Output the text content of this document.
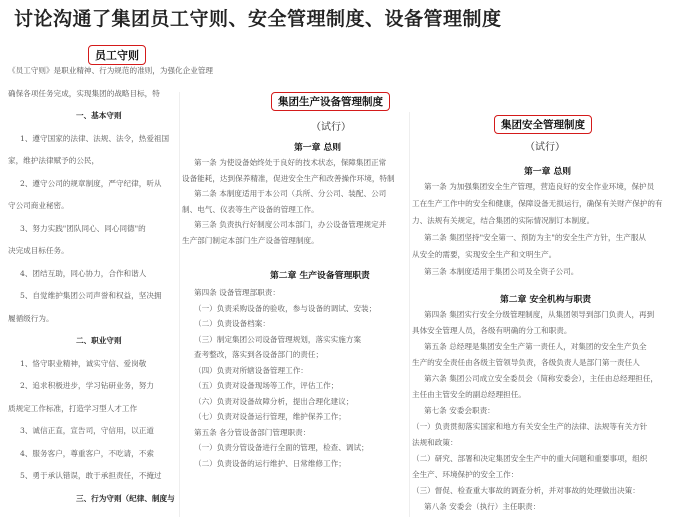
讨论沟通了集团员工守则、安全管理制度、设备管理制度
《员工守则》是职业精神、行为规范的准则，为强化企业管理
确保各项任务完成，实现集团的战略目标，特
一、基本守则
1、遵守国家的法律、法规、法令，热爱祖国
家，维护法律赋予的公民，
2、遵守公司的规章制度，严守纪律，听从
守公司商业秘密。
3、努力实践"团队同心、同心同德"的
决完成目标任务。
4、团结互助，同心协力，合作和谐人
5、自觉维护集团公司声誉和权益，坚决拥
履循级行为。
二、职业守则
1、恪守职业精神，诚实守信、爱岗敬
2、追求积极进步，学习钻研业务，努力
质规定工作标准，打造学习型人才工作
3、诚信正直，宣告司，守信用，以正道
4、服务客户，尊重客户，不吃请，不索
5、勇于承认错误，敢于承担责任，不掩过
三、行为守则（纪律、制度与
员工守则
（试行）
第一章 总则
第一条 为使设备始终处于良好的技术状态，保障集团正常
设备能耗，达到保养精准，促进安全生产和改善操作环境，特制
第二条 本制度适用于本公司（兵所、分公司、装配、公司
制、电气、仪表等生产设备的管理工作。
第三条 负责执行好制度公司本部门，办公设备管理规定并
生产部门制定本部门生产设备管理制度。
第二章 生产设备管理职责
第四条 设备管理部职责：
（一）负责采购设备的验收，参与设备的调试、安装；
（二）负责设备档案：
（三）制定集团公司设备管理规划，落实实施方案
查考整改，落实到各设备部门的责任；
（四）负责对所辖设备管理工作：
（五）负责对设备现场等工作，评估工作；
（六）负责对设备故障分析，提出合理化建议；
（七）负责对设备运行管理，维护保养工作；
第五条 各分管设备部门管理职责：
（一）负责分管设备进行全面的管理，检查、调试；
（二）负责设备的运行维护、日常维修工作；
集团生产设备管理制度
（试行）
第一章 总则
第一条 为加强集团安全生产管理，营造良好的安全作业环境，保护员
工在生产工作中的安全和健康，保障设备无损运行，确保有关财产保护的有
力、法规有关规定，结合集团的实际情况制订本制度。
第二条 集团坚持"安全第一、预防为主"的安全生产方针，生产服从
从安全的需要，实现安全生产和文明生产。
第三条 本制度适用于集团公司及全资子公司。
第二章 安全机构与职责
第四条 集团实行安全分级管理制度，从集团领导到部门负责人，再到
具体安全管理人员，各级有明确的分工和职责。
第五条 总经理是集团安全生产第一责任人，对集团的安全生产负全
生产的安全责任由各级主管领导负责，各级负责人是部门第一责任人
第六条 集团公司成立安全委员会（简称安委会），主任由总经理担任，
主任由主管安全的副总经理担任。
第七条 安委会职责：
（一）负责贯彻落实国家和地方有关安全生产的法律、法规等有关方针
法规和政策：
（二）研究、部署和决定集团安全生产中的重大问题和重要事项，组织
全生产、环境保护的安全工作：
（三）督促、检查重大事故的调查分析，并对事故的处理做出决策：
第八条 安委会（执行）主任职责：
集团安全管理制度
